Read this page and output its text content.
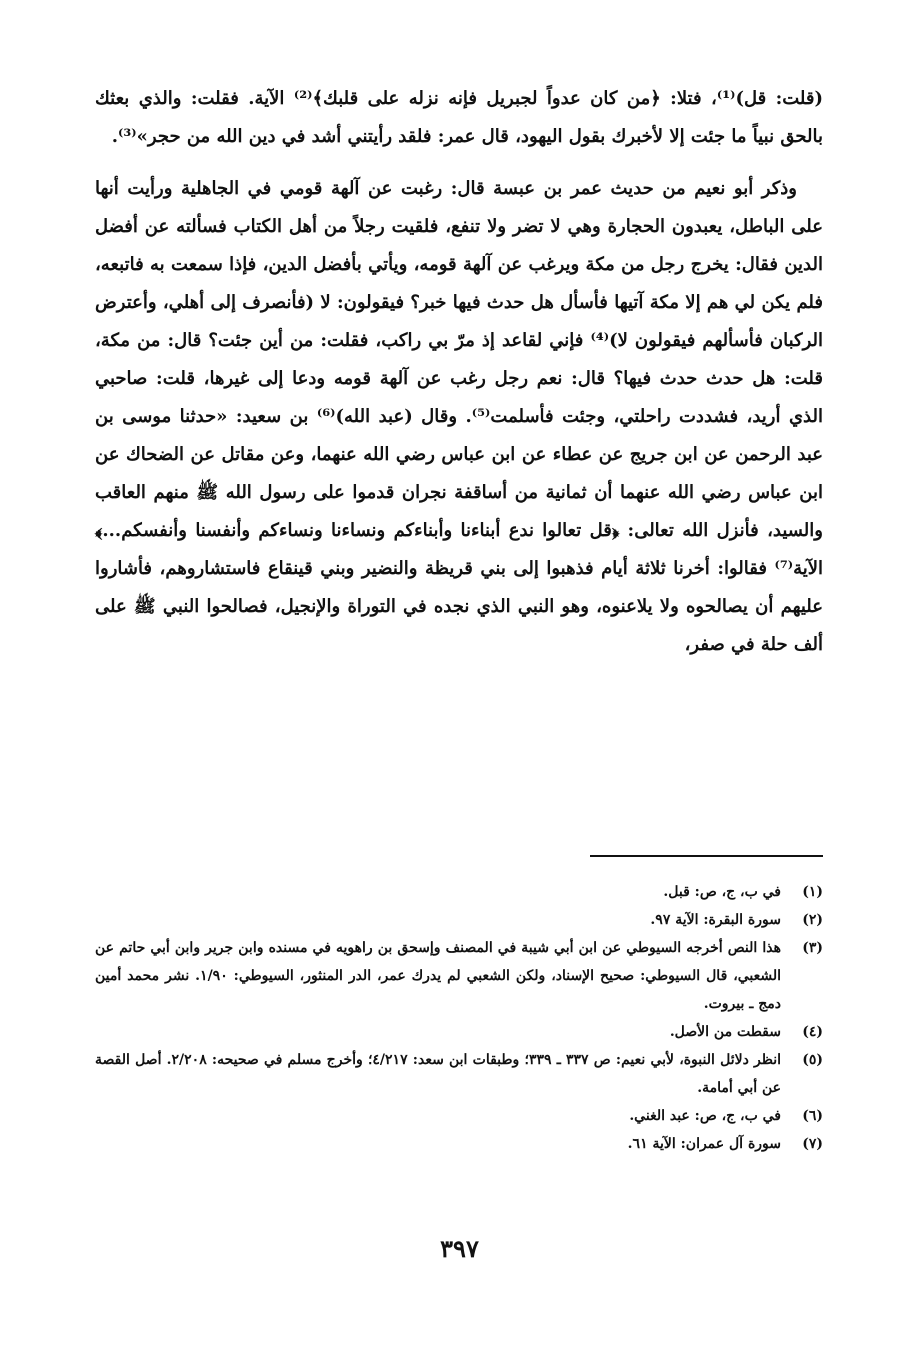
(قلت: قل)⁽¹⁾، فتلا: ﴿من كان عدواً لجبريل فإنه نزله على قلبك﴾⁽²⁾ الآية. فقلت: والذي بعثك بالحق نبياً ما جئت إلا لأخبرك بقول اليهود، قال عمر: فلقد رأيتني أشد في دين الله من حجر»⁽³⁾.

وذكر أبو نعيم من حديث عمر بن عبسة قال: رغبت عن آلهة قومي في الجاهلية ورأيت أنها على الباطل، يعبدون الحجارة وهي لا تضر ولا تنفع، فلقيت رجلاً من أهل الكتاب فسألته عن أفضل الدين فقال: يخرج رجل من مكة ويرغب عن آلهة قومه، ويأتي بأفضل الدين، فإذا سمعت به فاتبعه، فلم يكن لي هم إلا مكة آتيها فأسأل هل حدث فيها خبر؟ فيقولون: لا (فأنصرف إلى أهلي، وأعترض الركبان فأسألهم فيقولون لا)⁽⁴⁾ فإني لقاعد إذ مرّ بي راكب، فقلت: من أين جئت؟ قال: من مكة، قلت: هل حدث حدث فيها؟ قال: نعم رجل رغب عن آلهة قومه ودعا إلى غيرها، قلت: صاحبي الذي أريد، فشددت راحلتي، وجئت فأسلمت⁽⁵⁾. وقال (عبد الله)⁽⁶⁾ بن سعيد: «حدثنا موسى بن عبد الرحمن عن ابن جريج عن عطاء عن ابن عباس رضي الله عنهما، وعن مقاتل عن الضحاك عن ابن عباس رضي الله عنهما أن ثمانية من أساقفة نجران قدموا على رسول الله ﷺ منهم العاقب والسيد، فأنزل الله تعالى: ﴿قل تعالوا ندع أبناءنا وأبناءكم ونساءنا ونساءكم وأنفسنا وأنفسكم...﴾ الآية⁽⁷⁾ فقالوا: أخرنا ثلاثة أيام فذهبوا إلى بني قريظة والنضير وبني قينقاع فاستشاروهم، فأشاروا عليهم أن يصالحوه ولا يلاعنوه، وهو النبي الذي نجده في التوراة والإنجيل، فصالحوا النبي ﷺ على ألف حلة في صفر،

(١)
في ب، ج، ص: قبل.
(٢)
سورة البقرة: الآية ٩٧.
(٣)
هذا النص أخرجه السيوطي عن ابن أبي شيبة في المصنف وإسحق بن راهويه في مسنده وابن جرير وابن أبي حاتم عن الشعبي، قال السيوطي: صحيح الإسناد، ولكن الشعبي لم يدرك عمر، الدر المنثور، السيوطي: ١/٩٠. نشر محمد أمين دمج ـ بيروت.
(٤)
سقطت من الأصل.
(٥)
انظر دلائل النبوة، لأبي نعيم: ص ٣٣٧ ـ ٣٣٩؛ وطبقات ابن سعد: ٤/٢١٧؛ وأخرج مسلم في صحيحه: ٢/٢٠٨. أصل القصة عن أبي أمامة.
(٦)
في ب، ج، ص: عبد الغني.
(٧)
سورة آل عمران: الآية ٦١.
٣٩٧
